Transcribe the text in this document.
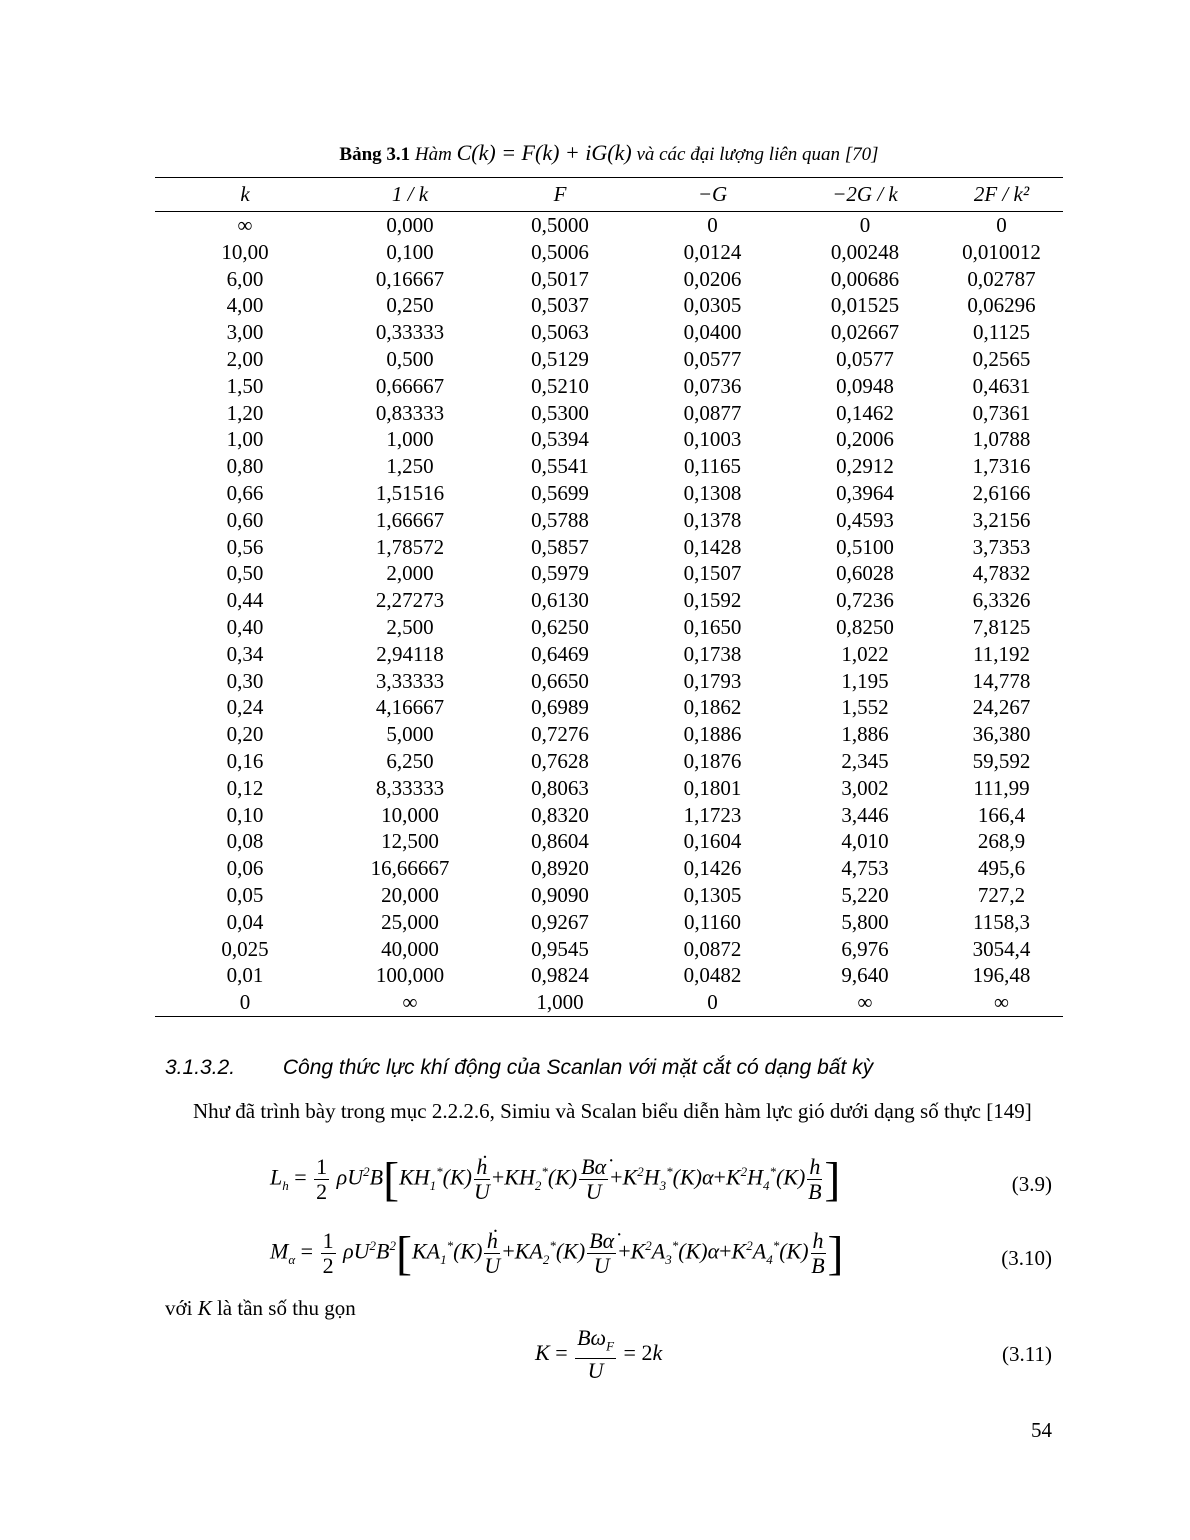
Bảng 3.1 Hàm C(k) = F(k) + iG(k) và các đại lượng liên quan [70]
k	1 / k	F	−G	−2G / k	2F / k²
∞	0,000	0,5000	0	0	0
10,00	0,100	0,5006	0,0124	0,00248	0,010012
6,00	0,16667	0,5017	0,0206	0,00686	0,02787
4,00	0,250	0,5037	0,0305	0,01525	0,06296
3,00	0,33333	0,5063	0,0400	0,02667	0,1125
2,00	0,500	0,5129	0,0577	0,0577	0,2565
1,50	0,66667	0,5210	0,0736	0,0948	0,4631
1,20	0,83333	0,5300	0,0877	0,1462	0,7361
1,00	1,000	0,5394	0,1003	0,2006	1,0788
0,80	1,250	0,5541	0,1165	0,2912	1,7316
0,66	1,51516	0,5699	0,1308	0,3964	2,6166
0,60	1,66667	0,5788	0,1378	0,4593	3,2156
0,56	1,78572	0,5857	0,1428	0,5100	3,7353
0,50	2,000	0,5979	0,1507	0,6028	4,7832
0,44	2,27273	0,6130	0,1592	0,7236	6,3326
0,40	2,500	0,6250	0,1650	0,8250	7,8125
0,34	2,94118	0,6469	0,1738	1,022	11,192
0,30	3,33333	0,6650	0,1793	1,195	14,778
0,24	4,16667	0,6989	0,1862	1,552	24,267
0,20	5,000	0,7276	0,1886	1,886	36,380
0,16	6,250	0,7628	0,1876	2,345	59,592
0,12	8,33333	0,8063	0,1801	3,002	111,99
0,10	10,000	0,8320	1,1723	3,446	166,4
0,08	12,500	0,8604	0,1604	4,010	268,9
0,06	16,66667	0,8920	0,1426	4,753	495,6
0,05	20,000	0,9090	0,1305	5,220	727,2
0,04	25,000	0,9267	0,1160	5,800	1158,3
0,025	40,000	0,9545	0,0872	6,976	3054,4
0,01	100,000	0,9824	0,0482	9,640	196,48
0	∞	1,000	0	∞	∞
3.1.3.2. Công thức lực khí động của Scanlan với mặt cắt có dạng bất kỳ
Như đã trình bày trong mục 2.2.2.6, Simiu và Scalan biểu diễn hàm lực gió dưới dạng số thực [149]
$L_h = \frac{1}{2} \rho U^2B[KH_1^*(K) \frac{\text{ḣ}}{U} +KH_2^*(K) \frac{B\alphȧ}{U} +K^2H_3^*(K)\alpha+K^2H_4^*(K) \frac{h}{B}$ ]	(3.9)
$M_\alpha = \frac{1}{2} \rho U^2B^2[KA_1^*(K) \frac{\text{ḣ}}{U} +KA_2^*(K) \frac{B\alphȧ}{U} +K^2A_3^*(K)\alpha+K^2A_4^*(K) \frac{h}{B}$ ]	(3.10)
với K là tần số thu gọn
$K = \frac{B\omega_F}{U} = 2k$	(3.11)
54
